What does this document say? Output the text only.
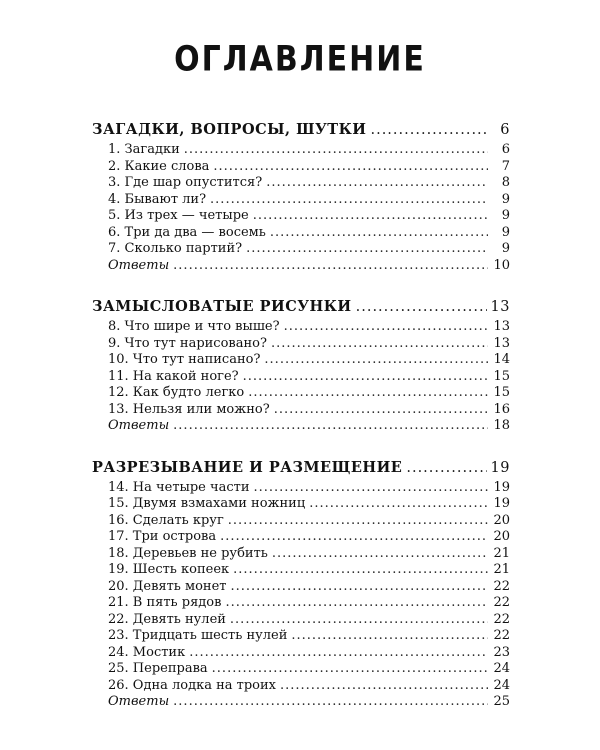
ОГЛАВЛЕНИЕ
ЗАГАДКИ, ВОПРОСЫ, ШУТКИ .....	6
1. Загадки .....	6
2. Какие слова .....	7
3. Где шар опустится? .....	8
4. Бывают ли? .....	9
5. Из трех — четыре .....	9
6. Три да два — восемь .....	9
7. Сколько партий? .....	9
Ответы .....	10
ЗАМЫСЛОВАТЫЕ РИСУНКИ .....	13
8. Что шире и что выше? .....	13
9. Что тут нарисовано? .....	13
10. Что тут написано? .....	14
11. На какой ноге? .....	15
12. Как будто легко .....	15
13. Нельзя или можно? .....	16
Ответы .....	18
РАЗРЕЗЫВАНИЕ И РАЗМЕЩЕНИЕ .....	19
14. На четыре части .....	19
15. Двумя взмахами ножниц .....	19
16. Сделать круг .....	20
17. Три острова .....	20
18. Деревьев не рубить .....	21
19. Шесть копеек .....	21
20. Девять монет .....	22
21. В пять рядов .....	22
22. Девять нулей .....	22
23. Тридцать шесть нулей .....	22
24. Мостик .....	23
25. Переправа .....	24
26. Одна лодка на троих .....	24
Ответы .....	25
